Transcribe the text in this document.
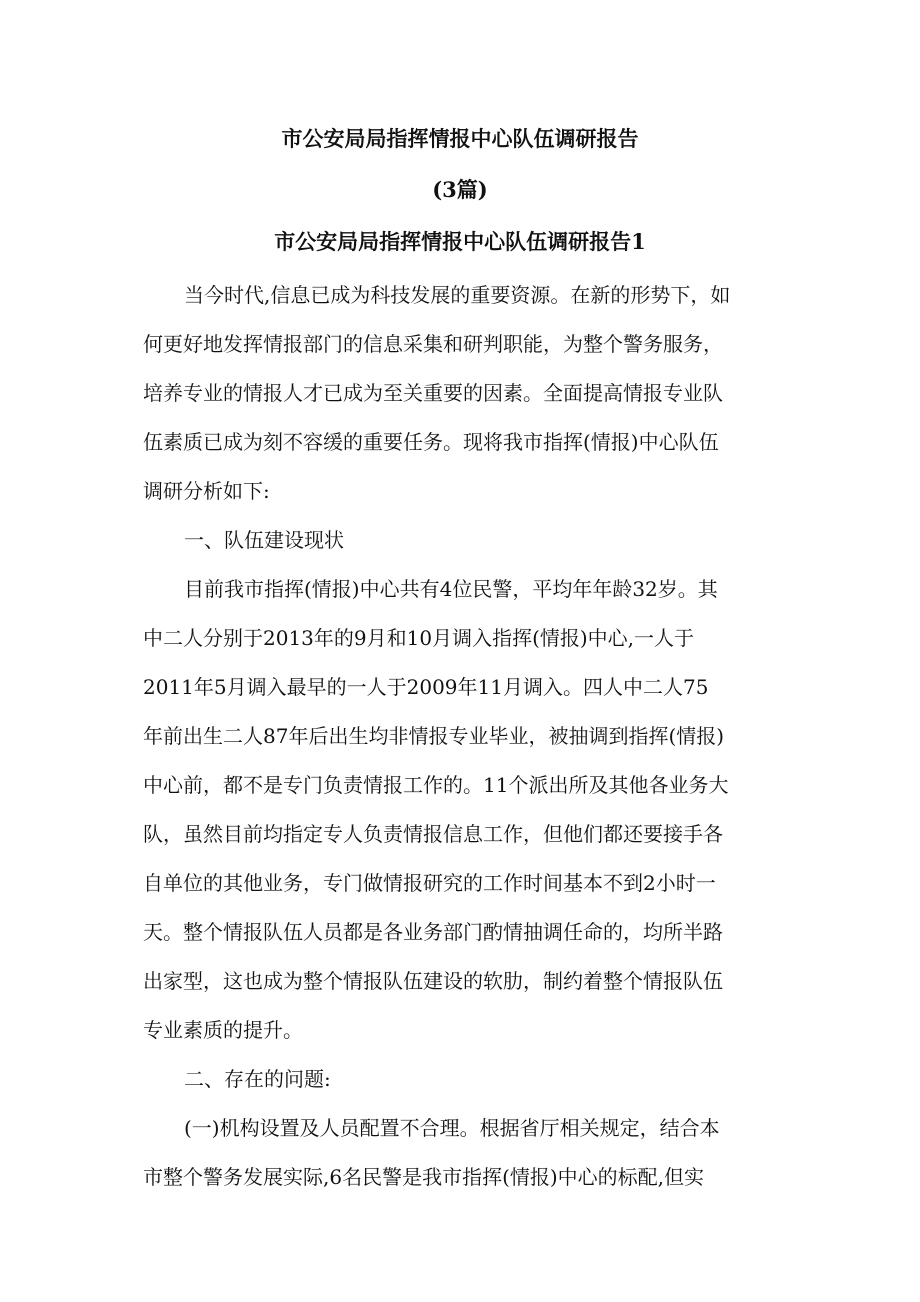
市公安局局指挥情报中心队伍调研报告
(3篇)
市公安局局指挥情报中心队伍调研报告1

当今时代,信息已成为科技发展的重要资源。在新的形势下，如

何更好地发挥情报部门的信息采集和研判职能，为整个警务服务，

培养专业的情报人才已成为至关重要的因素。全面提高情报专业队

伍素质已成为刻不容缓的重要任务。现将我市指挥(情报)中心队伍

调研分析如下:

一、队伍建设现状

目前我市指挥(情报)中心共有4位民警，平均年年龄32岁。其

中二人分别于2013年的9月和10月调入指挥(情报)中心,一人于

2011年5月调入最早的一人于2009年11月调入。四人中二人75

年前出生二人87年后出生均非情报专业毕业，被抽调到指挥(情报)

中心前，都不是专门负责情报工作的。11个派出所及其他各业务大

队，虽然目前均指定专人负责情报信息工作，但他们都还要接手各

自单位的其他业务，专门做情报研究的工作时间基本不到2小时一

天。整个情报队伍人员都是各业务部门酌情抽调任命的，均所半路

出家型，这也成为整个情报队伍建设的软肋，制约着整个情报队伍

专业素质的提升。

二、存在的问题:

(一)机构设置及人员配置不合理。根据省厅相关规定，结合本

市整个警务发展实际,6名民警是我市指挥(情报)中心的标配,但实
